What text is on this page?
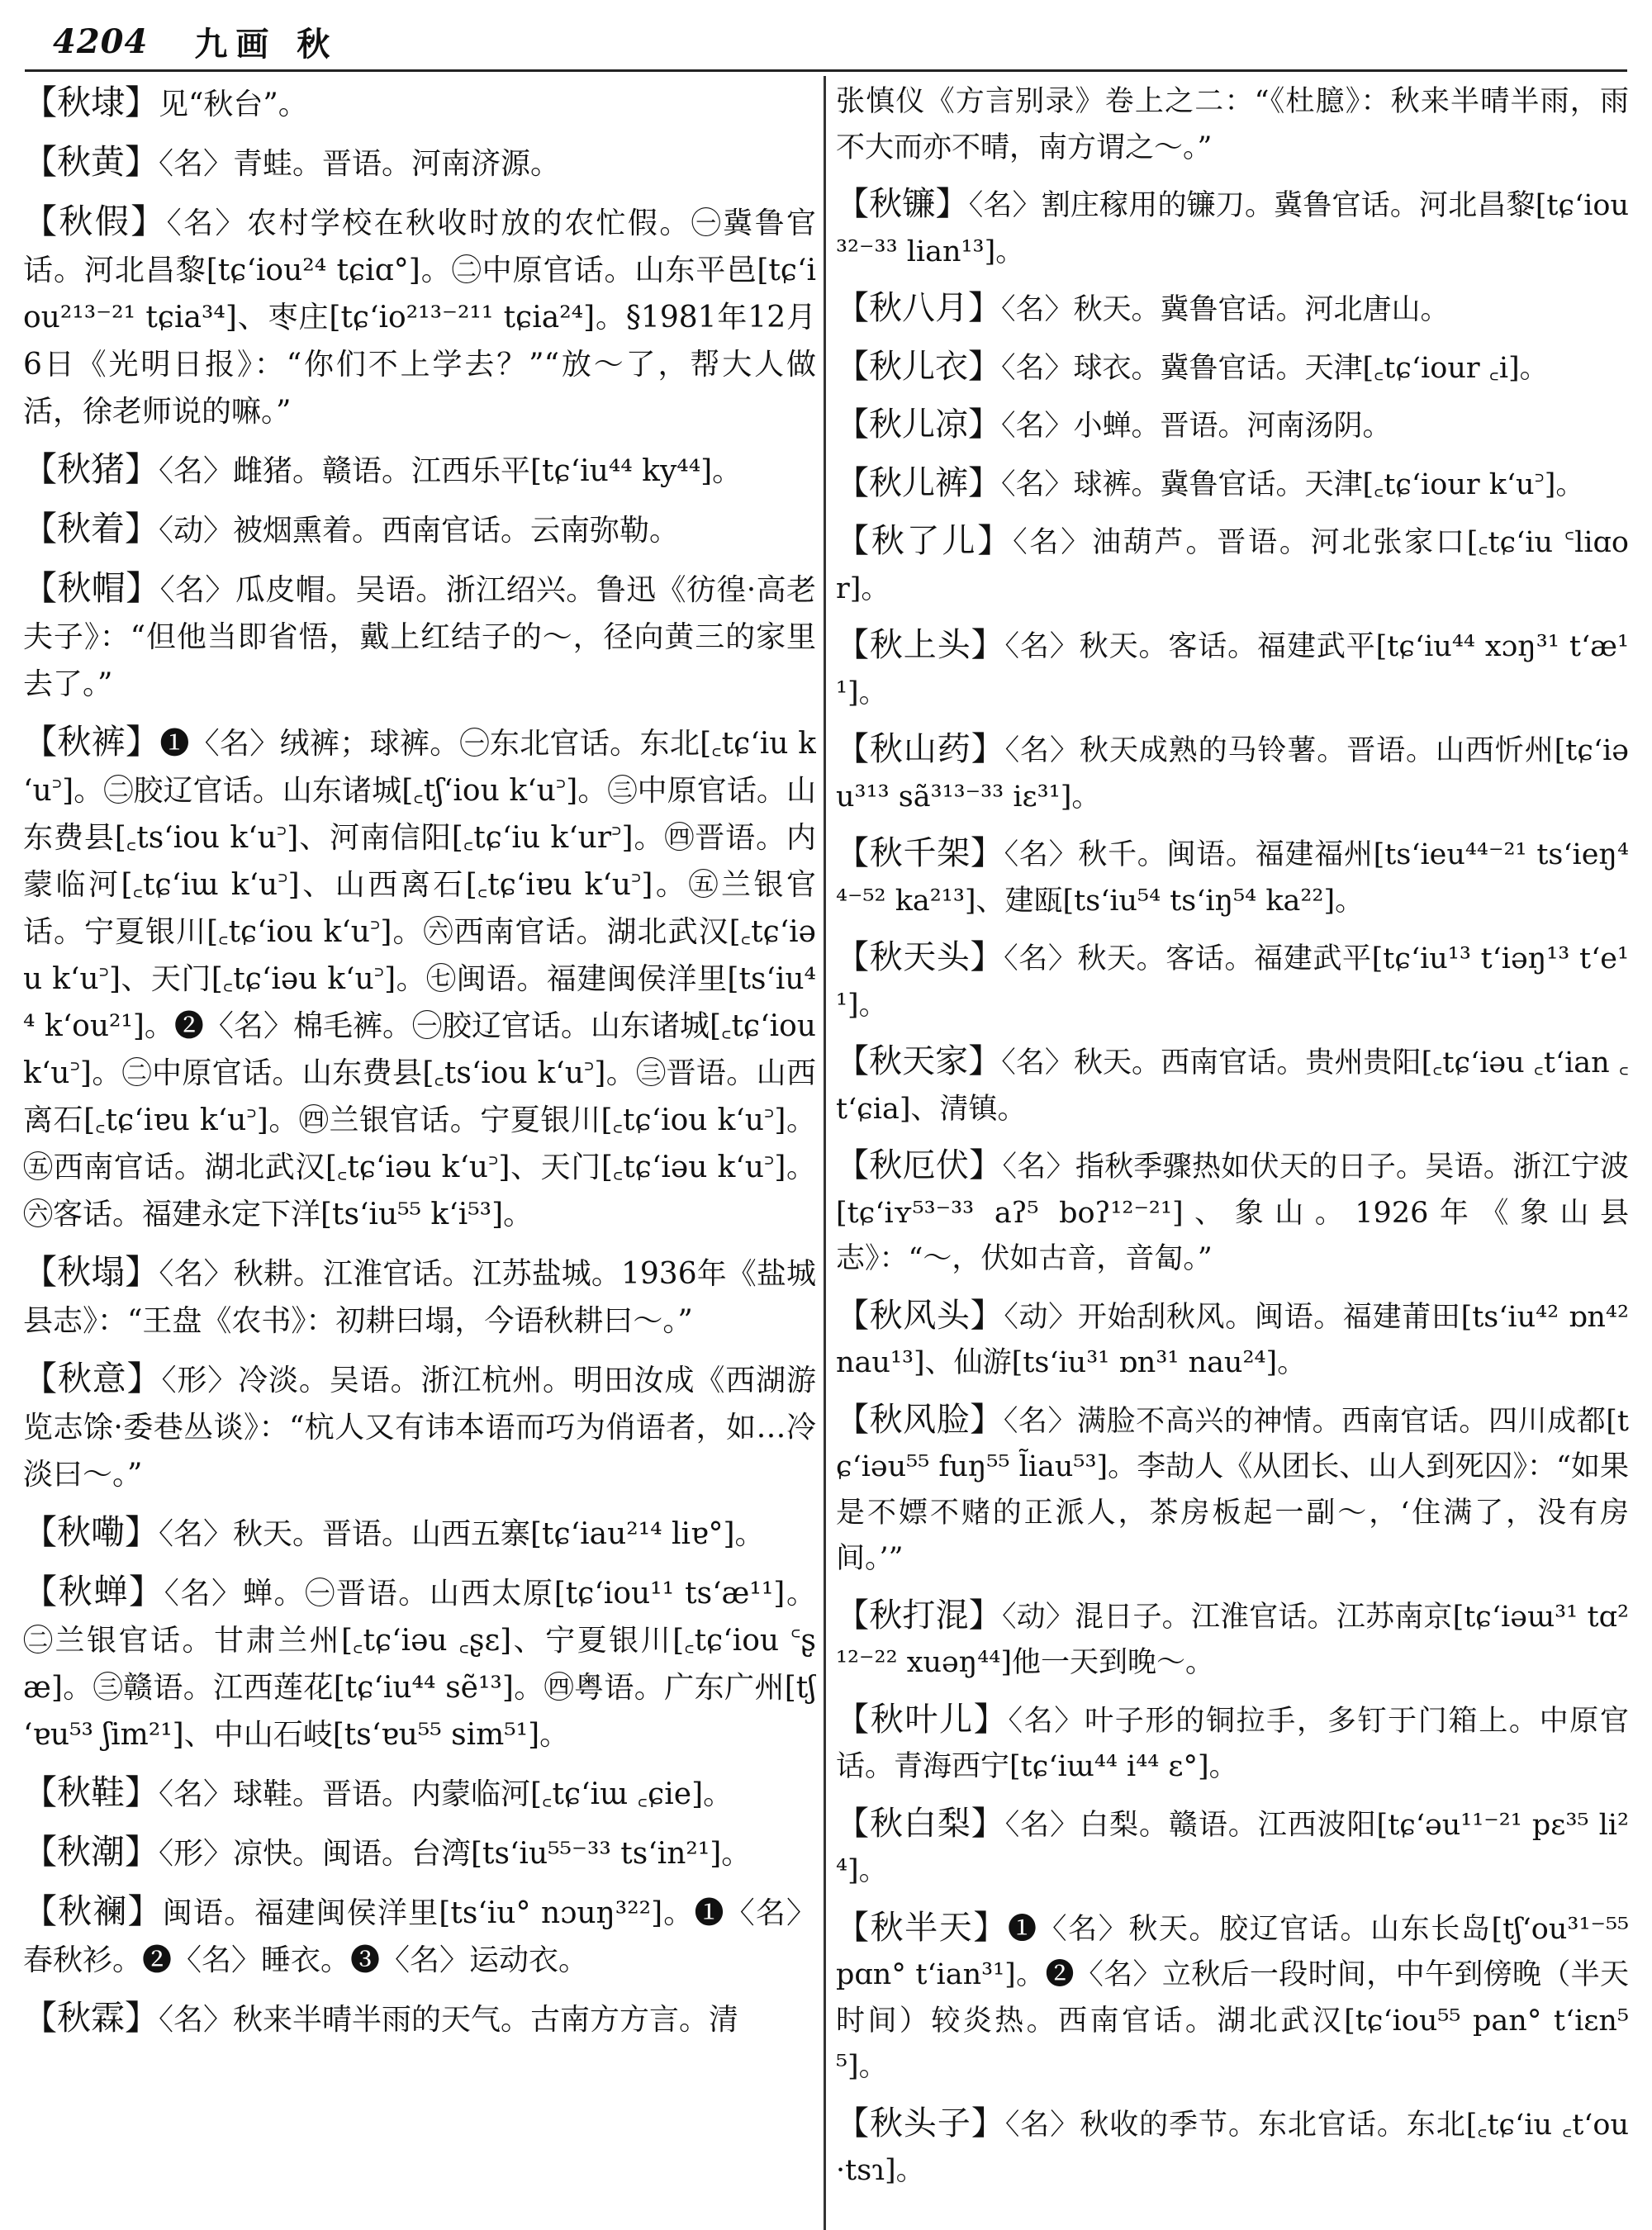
4204 九画 秋

【秋埭】见“秋台”。

【秋黄】〈名〉青蛙。晋语。河南济源。

【秋假】〈名〉农村学校在秋收时放的农忙假。㊀冀鲁官话。河北昌黎[tɕʻiou²⁴ tɕiɑ°]。㊁中原官话。山东平邑[tɕʻiou²¹³⁻²¹ tɕia³⁴]、枣庄[tɕʻio²¹³⁻²¹¹ tɕia²⁴]。§1981年12月6日《光明日报》：“你们不上学去？”“放～了，帮大人做活，徐老师说的嘛。”

【秋猪】〈名〉雌猪。赣语。江西乐平[tɕʻiu⁴⁴ ky⁴⁴]。

【秋着】〈动〉被烟熏着。西南官话。云南弥勒。

【秋帽】〈名〉瓜皮帽。吴语。浙江绍兴。鲁迅《彷徨·高老夫子》：“但他当即省悟，戴上红结子的～，径向黄三的家里去了。”

【秋裤】❶〈名〉绒裤；球裤。㊀东北官话。东北[꜀tɕʻiu kʻu꜄]。㊁胶辽官话。山东诸城[꜀tʃʻiou kʻu꜄]。㊂中原官话。山东费县[꜀tsʻiou kʻu꜄]、河南信阳[꜀tɕʻiu kʻur꜄]。㊃晋语。内蒙临河[꜀tɕʻiɯ kʻu꜄]、山西离石[꜀tɕʻiɐu kʻu꜄]。㊄兰银官话。宁夏银川[꜀tɕʻiou kʻu꜄]。㊅西南官话。湖北武汉[꜀tɕʻiəu kʻu꜄]、天门[꜀tɕʻiəu kʻu꜄]。㊆闽语。福建闽侯洋里[tsʻiu⁴⁴ kʻou²¹]。❷〈名〉棉毛裤。㊀胶辽官话。山东诸城[꜀tɕʻiou kʻu꜄]。㊁中原官话。山东费县[꜀tsʻiou kʻu꜄]。㊂晋语。山西离石[꜀tɕʻiɐu kʻu꜄]。㊃兰银官话。宁夏银川[꜀tɕʻiou kʻu꜄]。㊄西南官话。湖北武汉[꜀tɕʻiəu kʻu꜄]、天门[꜀tɕʻiəu kʻu꜄]。㊅客话。福建永定下洋[tsʻiu⁵⁵ kʻi⁵³]。

【秋塌】〈名〉秋耕。江淮官话。江苏盐城。1936年《盐城县志》：“王盘《农书》：初耕曰塌，今语秋耕曰～。”

【秋意】〈形〉冷淡。吴语。浙江杭州。明田汝成《西湖游览志馀·委巷丛谈》：“杭人又有讳本语而巧为俏语者，如…冷淡曰～。”

【秋嘞】〈名〉秋天。晋语。山西五寨[tɕʻiau²¹⁴ liɐ°]。

【秋蝉】〈名〉蝉。㊀晋语。山西太原[tɕʻiou¹¹ tsʻæ¹¹]。㊁兰银官话。甘肃兰州[꜀tɕʻiəu ꜀ʂɛ]、宁夏银川[꜀tɕʻiou ꜂ʂæ]。㊂赣语。江西莲花[tɕʻiu⁴⁴ sẽ¹³]。㊃粤语。广东广州[tʃʻɐu⁵³ ʃim²¹]、中山石岐[tsʻɐu⁵⁵ sim⁵¹]。

【秋鞋】〈名〉球鞋。晋语。内蒙临河[꜀tɕʻiɯ ꜀ɕie]。

【秋潮】〈形〉凉快。闽语。台湾[tsʻiu⁵⁵⁻³³ tsʻin²¹]。

【秋襕】闽语。福建闽侯洋里[tsʻiu° nɔuŋ³²²]。❶〈名〉春秋衫。❷〈名〉睡衣。❸〈名〉运动衣。

【秋霖】〈名〉秋来半晴半雨的天气。古南方方言。清

张慎仪《方言别录》卷上之二：“《杜臆》：秋来半晴半雨，雨不大而亦不晴，南方谓之～。”

【秋镰】〈名〉割庄稼用的镰刀。冀鲁官话。河北昌黎[tɕʻiou³²⁻³³ lian¹³]。

【秋八月】〈名〉秋天。冀鲁官话。河北唐山。

【秋儿衣】〈名〉球衣。冀鲁官话。天津[꜀tɕʻiour ꜀i]。

【秋儿凉】〈名〉小蝉。晋语。河南汤阴。

【秋儿裤】〈名〉球裤。冀鲁官话。天津[꜀tɕʻiour kʻu꜄]。

【秋了儿】〈名〉油葫芦。晋语。河北张家口[꜀tɕʻiu ꜂liɑor]。

【秋上头】〈名〉秋天。客话。福建武平[tɕʻiu⁴⁴ xɔŋ³¹ tʻæ¹¹]。

【秋山药】〈名〉秋天成熟的马铃薯。晋语。山西忻州[tɕʻiəu³¹³ sã³¹³⁻³³ iɛ³¹]。

【秋千架】〈名〉秋千。闽语。福建福州[tsʻieu⁴⁴⁻²¹ tsʻieŋ⁴⁴⁻⁵² ka²¹³]、建瓯[tsʻiu⁵⁴ tsʻiŋ⁵⁴ ka²²]。

【秋天头】〈名〉秋天。客话。福建武平[tɕʻiu¹³ tʻiəŋ¹³ tʻe¹¹]。

【秋天家】〈名〉秋天。西南官话。贵州贵阳[꜀tɕʻiəu ꜀tʻian ꜀tʻɕia]、清镇。

【秋厄伏】〈名〉指秋季骤热如伏天的日子。吴语。浙江宁波[tɕʻiʏ⁵³⁻³³ aʔ⁵ boʔ¹²⁻²¹]、象山。1926年《象山县志》：“～，伏如古音，音匐。”

【秋风头】〈动〉开始刮秋风。闽语。福建莆田[tsʻiu⁴² ɒn⁴² nau¹³]、仙游[tsʻiu³¹ ɒn³¹ nau²⁴]。

【秋风脸】〈名〉满脸不高兴的神情。西南官话。四川成都[tɕʻiəu⁵⁵ fuŋ⁵⁵ l̃iau⁵³]。李劼人《从团长、山人到死囚》：“如果是不嫖不赌的正派人，茶房板起一副～，‘住满了，没有房间。’”

【秋打混】〈动〉混日子。江淮官话。江苏南京[tɕʻiəɯ³¹ tɑ²¹²⁻²² xuəŋ⁴⁴]他一天到晚～。

【秋叶儿】〈名〉叶子形的铜拉手，多钉于门箱上。中原官话。青海西宁[tɕʻiɯ⁴⁴ i⁴⁴ ɛ°]。

【秋白梨】〈名〉白梨。赣语。江西波阳[tɕʻəu¹¹⁻²¹ pɛ³⁵ li²⁴]。

【秋半天】❶〈名〉秋天。胶辽官话。山东长岛[tʃʻou³¹⁻⁵⁵ pɑn° tʻian³¹]。❷〈名〉立秋后一段时间，中午到傍晚（半天时间）较炎热。西南官话。湖北武汉[tɕʻiou⁵⁵ pan° tʻiɛn⁵⁵]。

【秋头子】〈名〉秋收的季节。东北官话。东北[꜀tɕʻiu ꜀tʻou ·tsɿ]。
